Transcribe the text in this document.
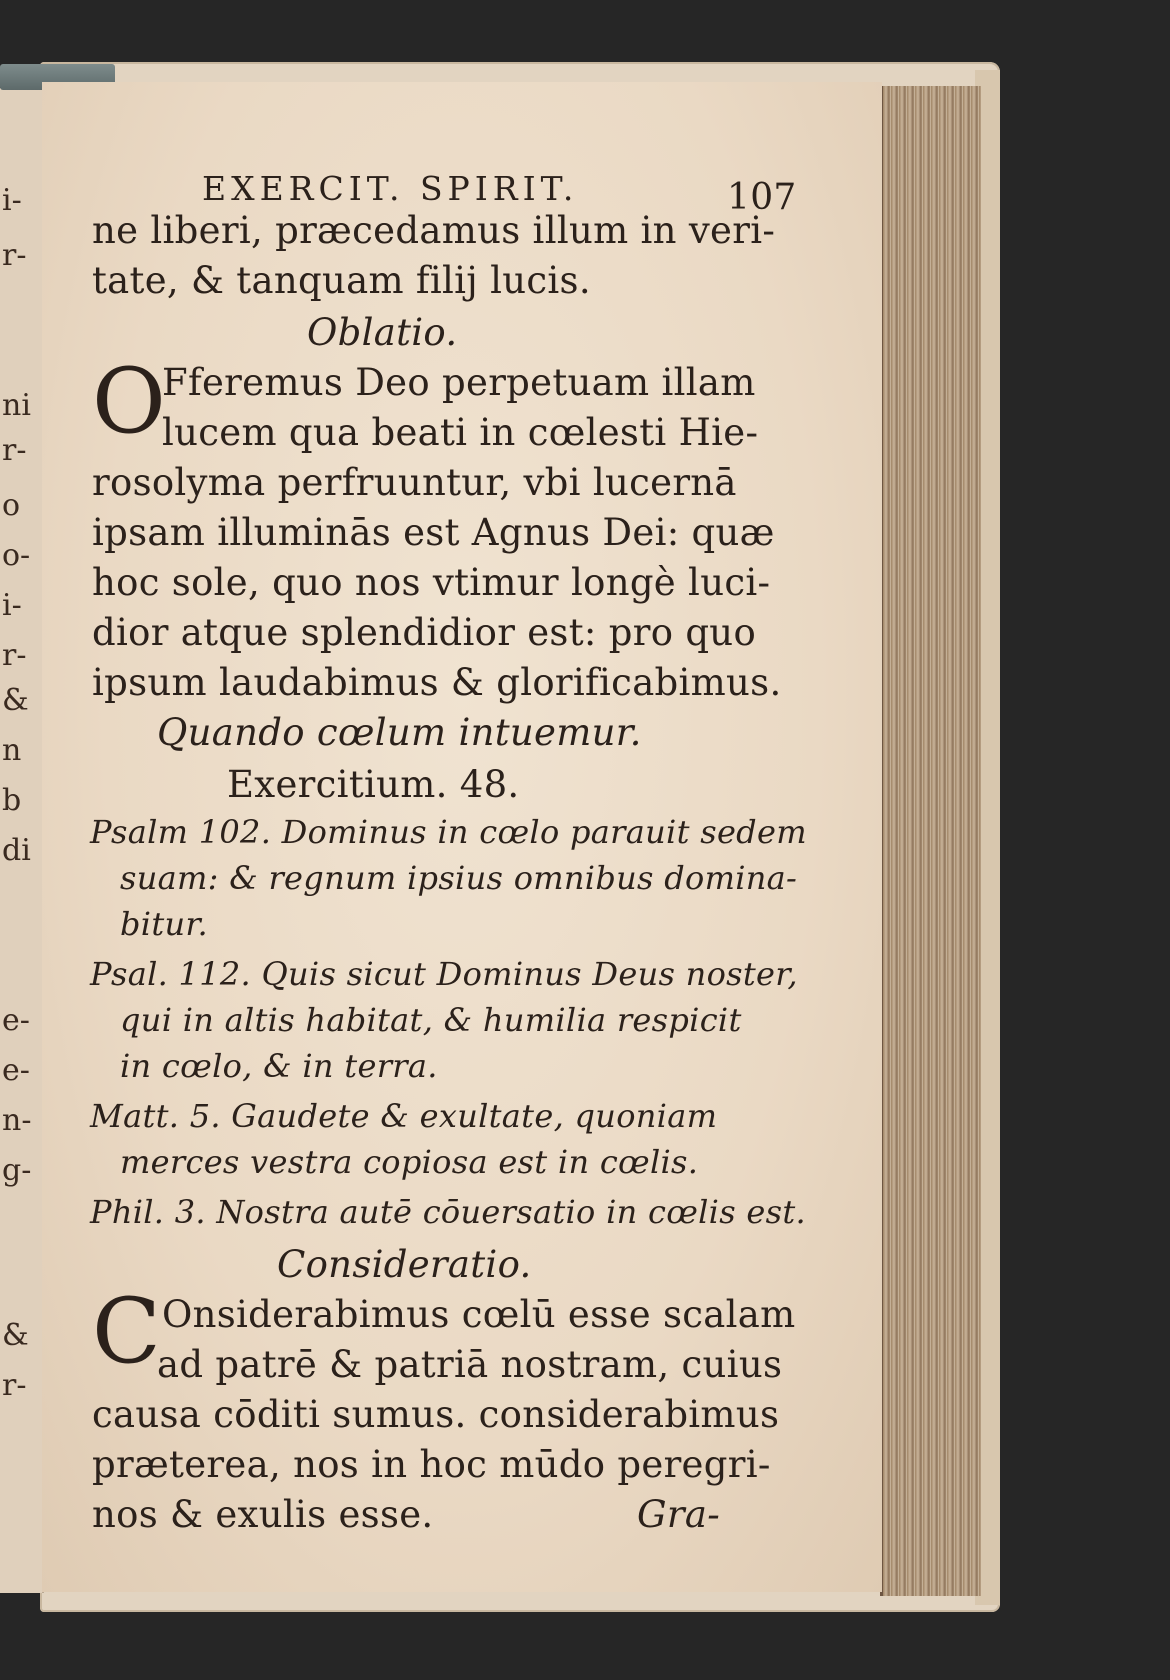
i-
r-
ni
r-
o
o-
i-
r-
&
n
b
di
e-
e-
n-
g-
&
r-
EXERCIT. SPIRIT.	107
ne liberi, præcedamus illum in veri-
tate, & tanquam filij lucis.
Oblatio.
O
Fferemus Deo perpetuam illam
lucem qua beati in cœlesti Hie-
rosolyma perfruuntur, vbi lucernā
ipsam illuminās est Agnus Dei: quæ
hoc sole, quo nos vtimur longè luci-
dior atque splendidior est: pro quo
ipsum laudabimus & glorificabimus.
Quando cœlum intuemur.
Exercitium. 48.
Psalm 102. Dominus in cœlo parauit sedem
suam: & regnum ipsius omnibus domina-
bitur.
Psal. 112. Quis sicut Dominus Deus noster,
qui in altis habitat, & humilia respicit
in cœlo, & in terra.
Matt. 5. Gaudete & exultate, quoniam
merces vestra copiosa est in cœlis.
Phil. 3. Nostra autē cōuersatio in cœlis est.
Consideratio.
C Onsiderabimus cœlū esse scalam
ad patrē & patriā nostram, cuius
causa cōditi sumus. considerabimus
præterea, nos in hoc mūdo peregri-
nos & exulis esse.	Gra-
